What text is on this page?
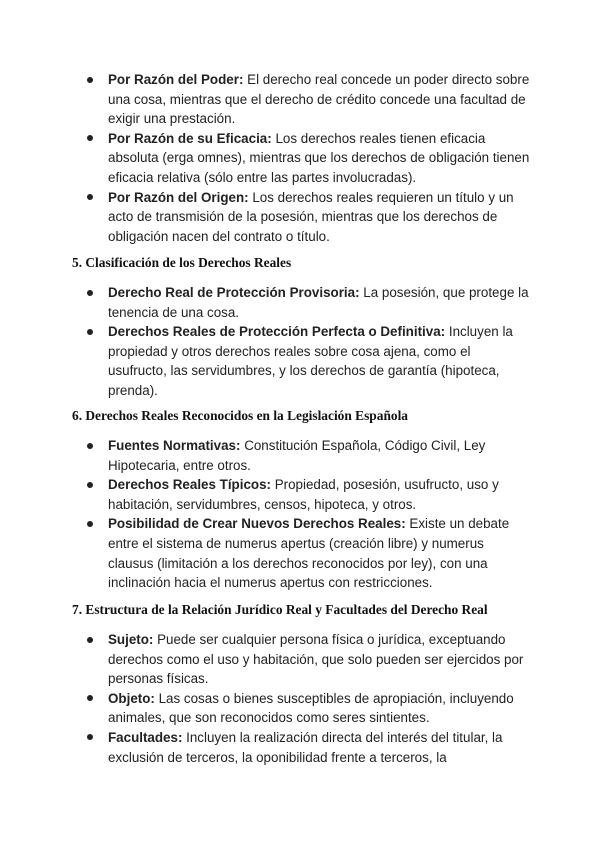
Por Razón del Poder: El derecho real concede un poder directo sobre una cosa, mientras que el derecho de crédito concede una facultad de exigir una prestación.
Por Razón de su Eficacia: Los derechos reales tienen eficacia absoluta (erga omnes), mientras que los derechos de obligación tienen eficacia relativa (sólo entre las partes involucradas).
Por Razón del Origen: Los derechos reales requieren un título y un acto de transmisión de la posesión, mientras que los derechos de obligación nacen del contrato o título.
5. Clasificación de los Derechos Reales
Derecho Real de Protección Provisoria: La posesión, que protege la tenencia de una cosa.
Derechos Reales de Protección Perfecta o Definitiva: Incluyen la propiedad y otros derechos reales sobre cosa ajena, como el usufructo, las servidumbres, y los derechos de garantía (hipoteca, prenda).
6. Derechos Reales Reconocidos en la Legislación Española
Fuentes Normativas: Constitución Española, Código Civil, Ley Hipotecaria, entre otros.
Derechos Reales Típicos: Propiedad, posesión, usufructo, uso y habitación, servidumbres, censos, hipoteca, y otros.
Posibilidad de Crear Nuevos Derechos Reales: Existe un debate entre el sistema de numerus apertus (creación libre) y numerus clausus (limitación a los derechos reconocidos por ley), con una inclinación hacia el numerus apertus con restricciones.
7. Estructura de la Relación Jurídico Real y Facultades del Derecho Real
Sujeto: Puede ser cualquier persona física o jurídica, exceptuando derechos como el uso y habitación, que solo pueden ser ejercidos por personas físicas.
Objeto: Las cosas o bienes susceptibles de apropiación, incluyendo animales, que son reconocidos como seres sintientes.
Facultades: Incluyen la realización directa del interés del titular, la exclusión de terceros, la oponibilidad frente a terceros, la
